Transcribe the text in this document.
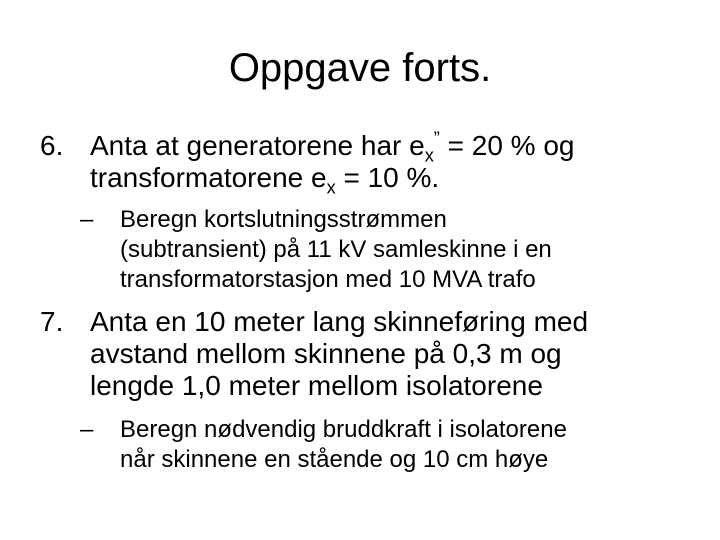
Oppgave forts.
6. Anta at generatorene har $e_x^” = 20$ % og
transformatorene $e_x = 10$ %.
– Beregn kortslutningsstrømmen
(subtransient) på 11 kV samleskinne i en
transformatorstasjon med 10 MVA trafo
7. Anta en 10 meter lang skinneføring med
avstand mellom skinnene på 0,3 m og
lengde 1,0 meter mellom isolatorene
– Beregn nødvendig bruddkraft i isolatorene
når skinnene en stående og 10 cm høye
